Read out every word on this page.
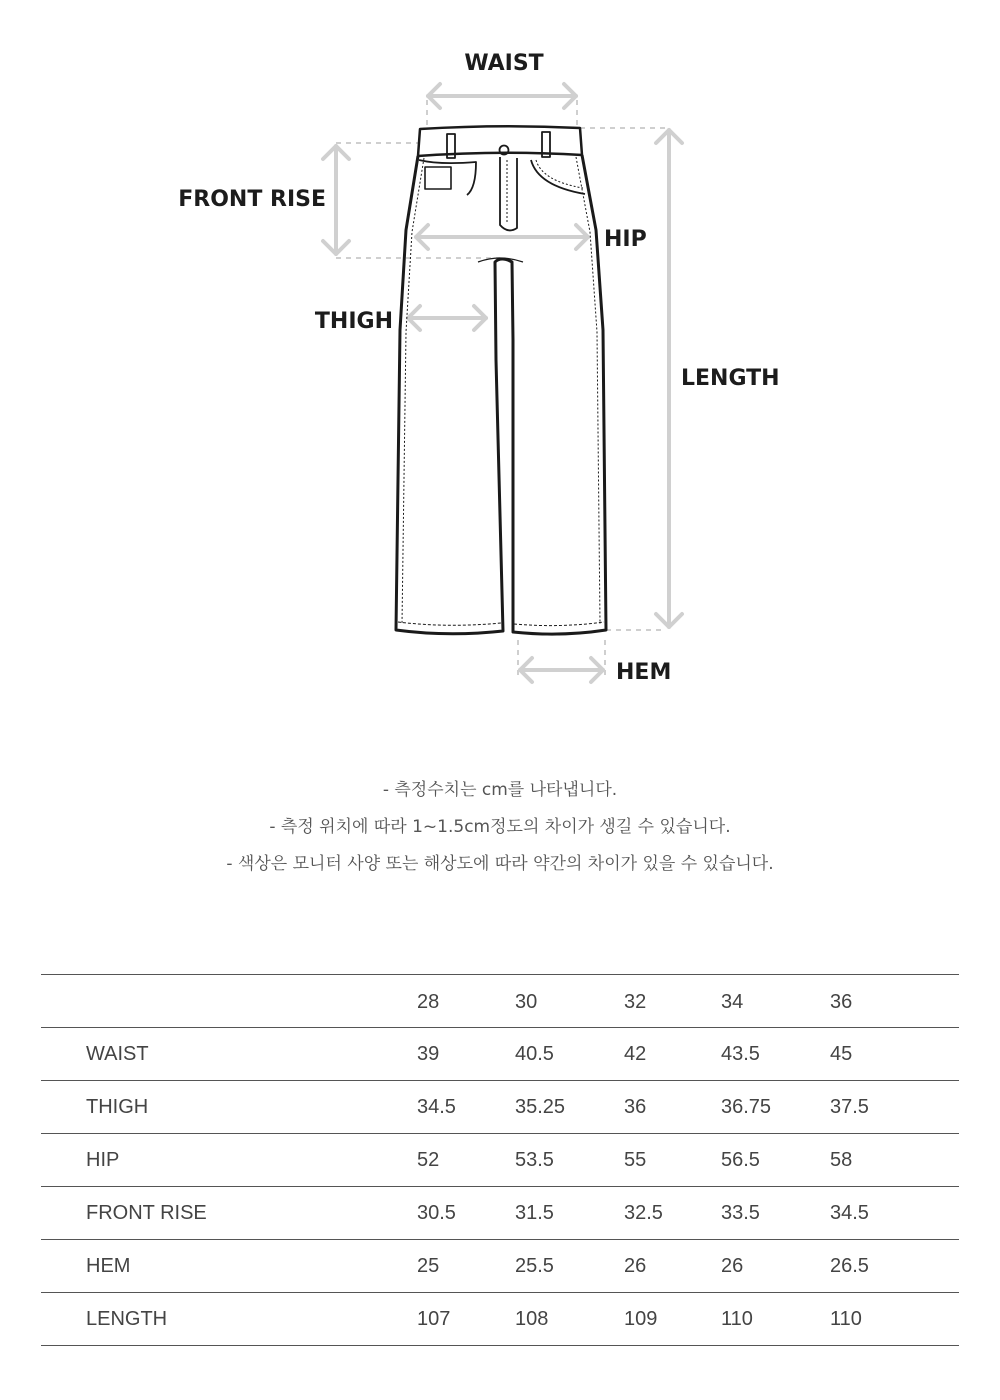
WAIST
FRONT RISE
HIP
THIGH
LENGTH
HEM
- 측정수치는 cm를 나타냅니다.
- 측정 위치에 따라 1~1.5cm정도의 차이가 생길 수 있습니다.
- 색상은 모니터 사양 또는 해상도에 따라 약간의 차이가 있을 수 있습니다.
	28	30	32	34	36
WAIST	39	40.5	42	43.5	45
THIGH	34.5	35.25	36	36.75	37.5
HIP	52	53.5	55	56.5	58
FRONT RISE	30.5	31.5	32.5	33.5	34.5
HEM	25	25.5	26	26	26.5
LENGTH	107	108	109	110	110
